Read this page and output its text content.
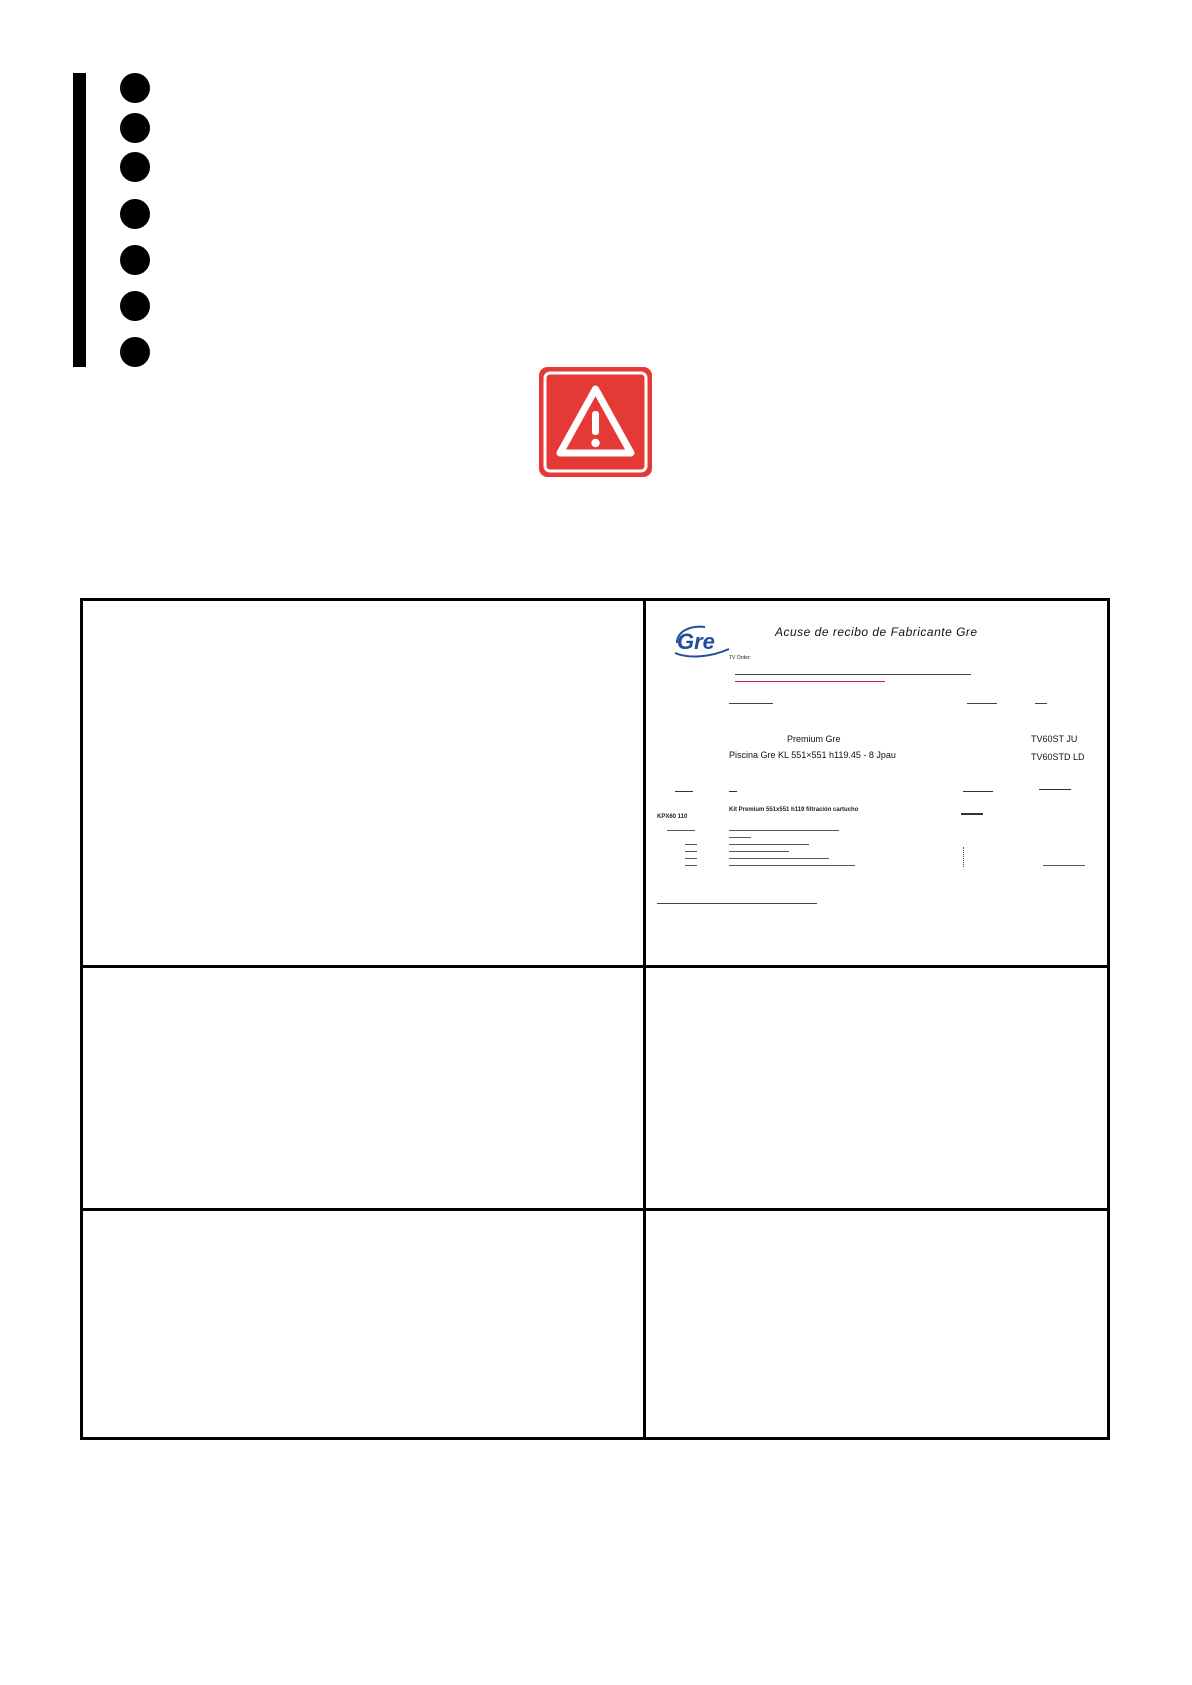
Gre	Acuse de recibo de Fabricante Gre
TV Order:
Premium Gre
Piscina Gre KL 551×551 h119.45 - 8 Jpau
TV60ST JU
TV60STD LD
KPX60 110
Kit Premium 551x551 h119 filtración cartucho
